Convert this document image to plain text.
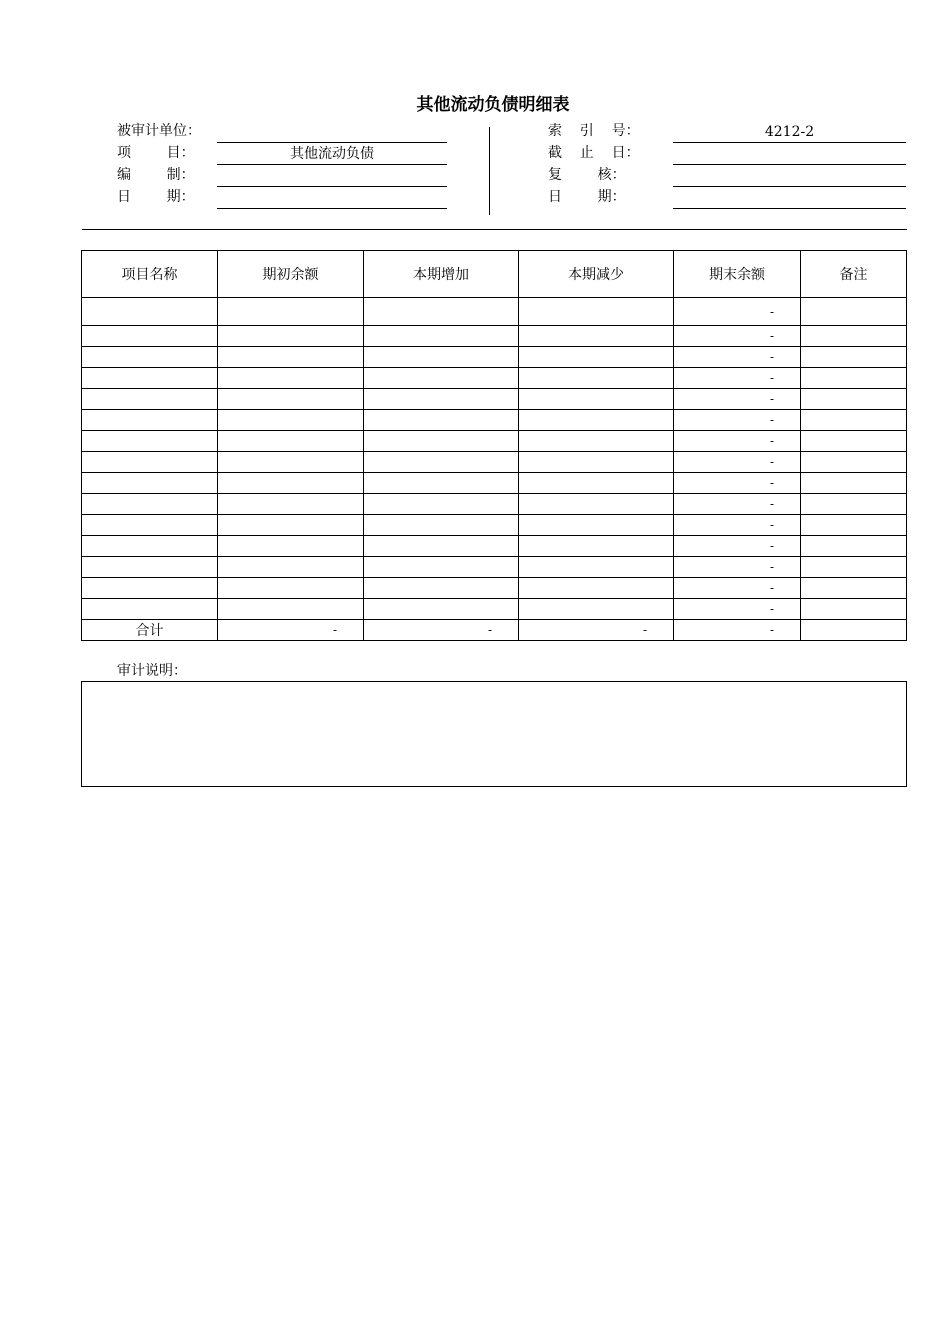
其他流动负债明细表
被审计单位：
项        目：	其他流动负债
编        制：
日        期：
索    引    号：	4212-2
截    止    日：
复        核：
日        期：
项目名称	期初余额	本期增加	本期减少	期末余额	备注
				-	
				-	
				-	
				-	
				-	
				-	
				-	
				-	
				-	
				-	
				-	
				-	
				-	
				-	
				-	
合计	-	-	-	-	
审计说明：
